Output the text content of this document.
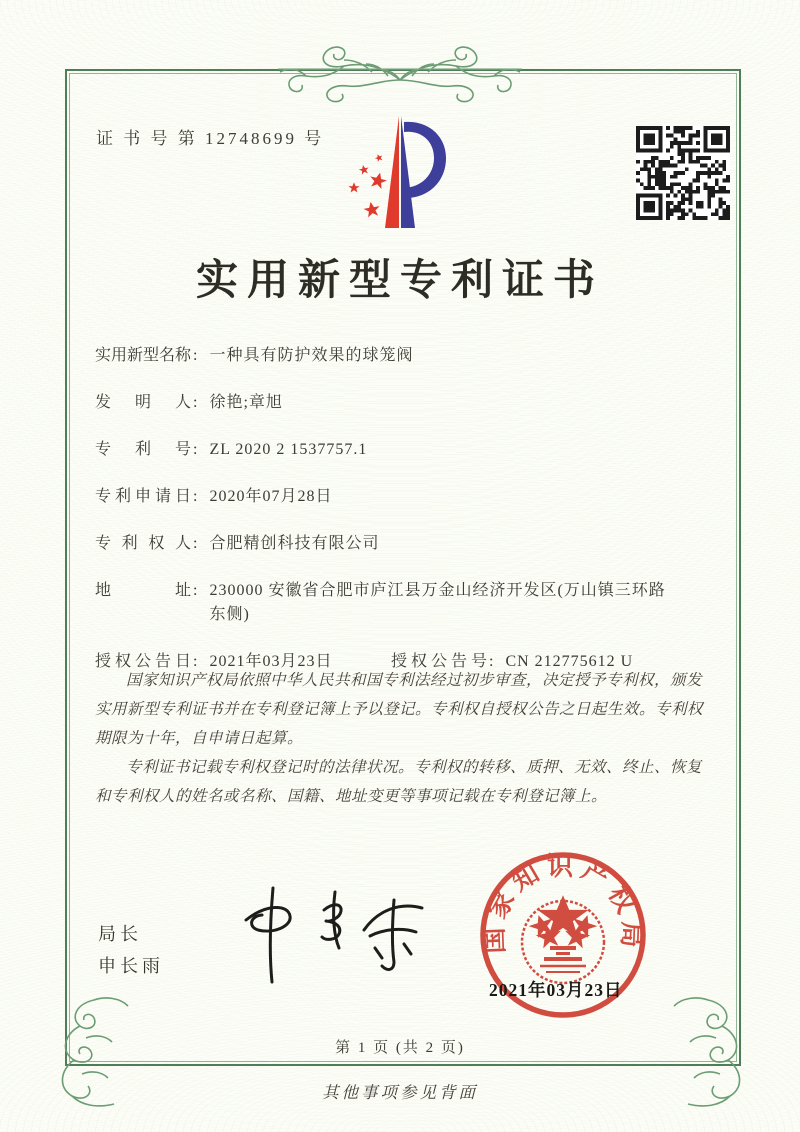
证 书 号 第 12748699 号
实用新型专利证书
实用新型名称 : 一种具有防护效果的球笼阀
发明人 : 徐艳;章旭
专利号 : ZL 2020 2 1537757.1
专利申请日 : 2020年07月28日
专利权人 : 合肥精创科技有限公司
地址 : 230000 安徽省合肥市庐江县万金山经济开发区(万山镇三环路东侧)
授权公告日 : 2021年03月23日	授权公告号 : CN 212775612 U

国家知识产权局依照中华人民共和国专利法经过初步审查，决定授予专利权，颁发实用新型专利证书并在专利登记簿上予以登记。专利权自授权公告之日起生效。专利权期限为十年，自申请日起算。

专利证书记载专利权登记时的法律状况。专利权的转移、质押、无效、终止、恢复和专利权人的姓名或名称、国籍、地址变更等事项记载在专利登记簿上。

局长
申长雨
国家知识产权局
2021年03月23日
第 1 页 (共 2 页)
其他事项参见背面
